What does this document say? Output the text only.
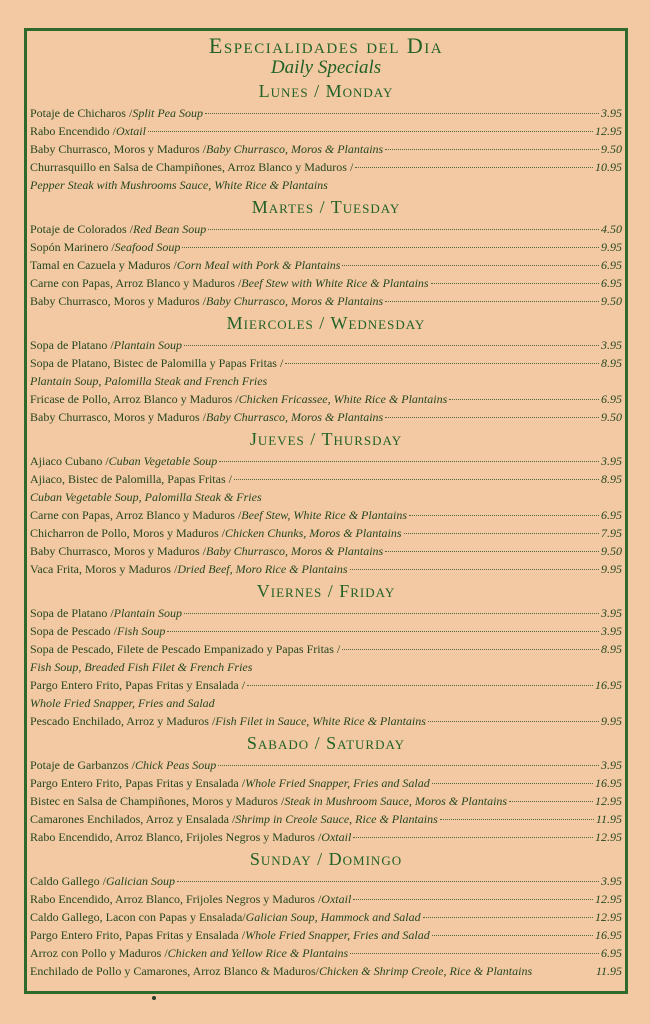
Especialidades del Dia
Daily Specials
Lunes / Monday
Potaje de Chicharos / Split Pea Soup	3.95
Rabo Encendido / Oxtail	12.95
Baby Churrasco, Moros y Maduros / Baby Churrasco, Moros & Plantains	9.50
Churrasquillo en Salsa de Champiñones, Arroz Blanco y Maduros /	10.95
Pepper Steak with Mushrooms Sauce, White Rice & Plantains
Martes / Tuesday
Potaje de Colorados / Red Bean Soup	4.50
Sopón Marinero / Seafood Soup	9.95
Tamal en Cazuela y Maduros / Corn Meal with Pork & Plantains	6.95
Carne con Papas, Arroz Blanco y Maduros / Beef Stew with White Rice & Plantains	6.95
Baby Churrasco, Moros y Maduros / Baby Churrasco, Moros & Plantains	9.50
Miercoles / Wednesday
Sopa de Platano / Plantain Soup	3.95
Sopa de Platano, Bistec de Palomilla y Papas Fritas /	8.95
Plantain Soup, Palomilla Steak and French Fries
Fricase de Pollo, Arroz Blanco y Maduros / Chicken Fricassee, White Rice & Plantains	6.95
Baby Churrasco, Moros y Maduros / Baby Churrasco, Moros & Plantains	9.50
Jueves / Thursday
Ajiaco Cubano / Cuban Vegetable Soup	3.95
Ajiaco, Bistec de Palomilla, Papas Fritas /	8.95
Cuban Vegetable Soup, Palomilla Steak & Fries
Carne con Papas, Arroz Blanco y Maduros / Beef Stew, White Rice & Plantains	6.95
Chicharron de Pollo, Moros y Maduros / Chicken Chunks, Moros & Plantains	7.95
Baby Churrasco, Moros y Maduros / Baby Churrasco, Moros & Plantains	9.50
Vaca Frita, Moros y Maduros / Dried Beef, Moro Rice & Plantains	9.95
Viernes / Friday
Sopa de Platano / Plantain Soup	3.95
Sopa de Pescado / Fish Soup	3.95
Sopa de Pescado, Filete de Pescado Empanizado y Papas Fritas /	8.95
Fish Soup, Breaded Fish Filet & French Fries
Pargo Entero Frito, Papas Fritas y Ensalada /	16.95
Whole Fried Snapper, Fries and Salad
Pescado Enchilado, Arroz y Maduros / Fish Filet in Sauce, White Rice & Plantains	9.95
Sabado / Saturday
Potaje de Garbanzos / Chick Peas Soup	3.95
Pargo Entero Frito, Papas Fritas y Ensalada / Whole Fried Snapper, Fries and Salad	16.95
Bistec en Salsa de Champiñones, Moros y Maduros / Steak in Mushroom Sauce, Moros & Plantains	12.95
Camarones Enchilados, Arroz y Ensalada / Shrimp in Creole Sauce, Rice & Plantains	11.95
Rabo Encendido, Arroz Blanco, Frijoles Negros y Maduros / Oxtail	12.95
Sunday / Domingo
Caldo Gallego / Galician Soup	3.95
Rabo Encendido, Arroz Blanco, Frijoles Negros y Maduros / Oxtail	12.95
Caldo Gallego, Lacon con Papas y Ensalada/ Galician Soup, Hammock and Salad	12.95
Pargo Entero Frito, Papas Fritas y Ensalada / Whole Fried Snapper, Fries and Salad	16.95
Arroz con Pollo y Maduros / Chicken and Yellow Rice & Plantains	6.95
Enchilado de Pollo y Camarones, Arroz Blanco & Maduros/ Chicken & Shrimp Creole, Rice & Plantains	11.95
